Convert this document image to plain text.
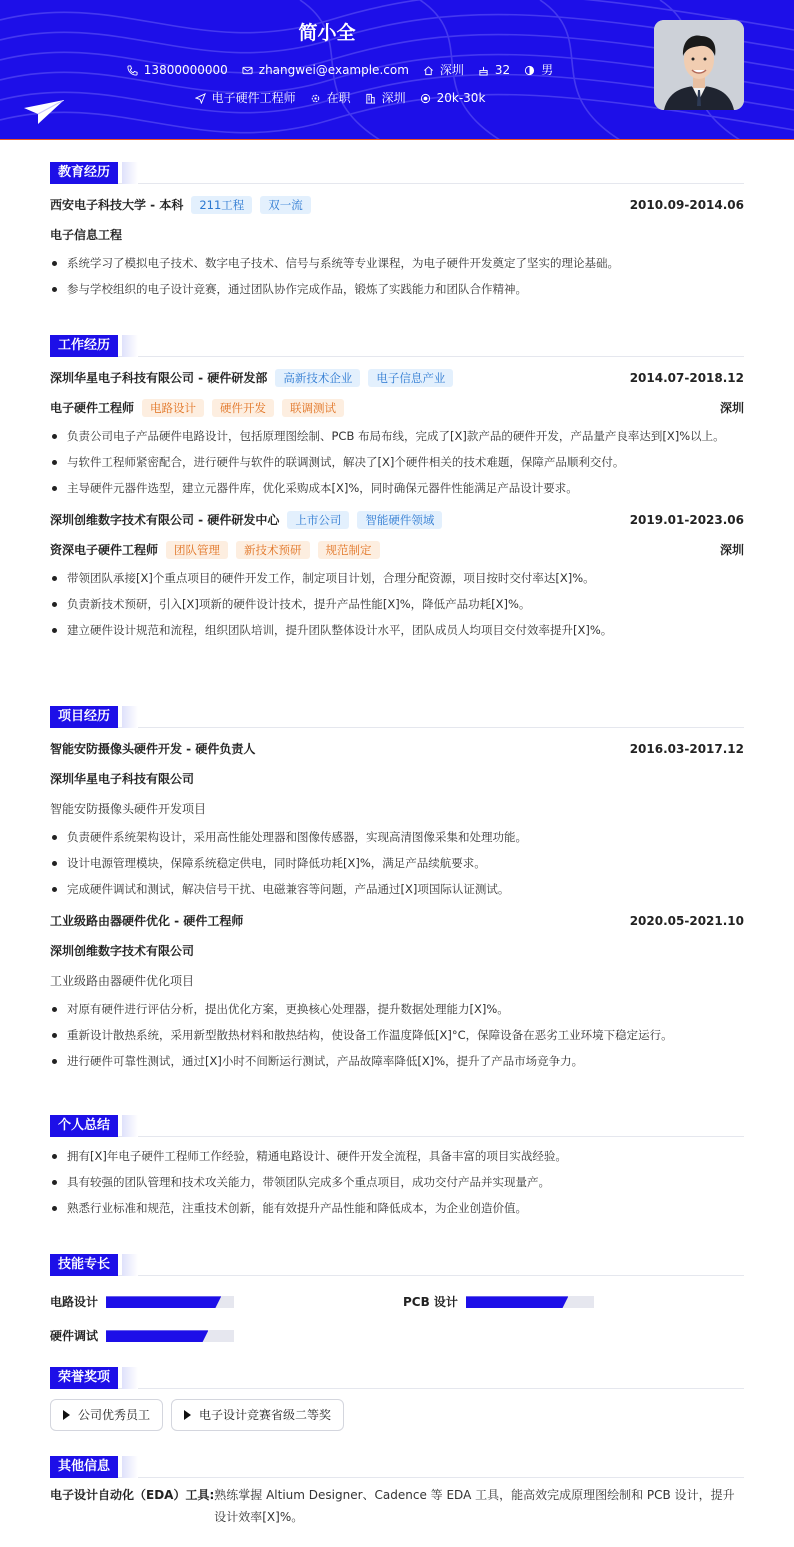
简小全
13800000000	zhangwei@example.com	深圳	32	男
电子硬件工程师	在职	深圳	20k-30k
教育经历
西安电子科技大学 - 本科	211工程	双一流	2010.09-2014.06
电子信息工程
系统学习了模拟电子技术、数字电子技术、信号与系统等专业课程，为电子硬件开发奠定了坚实的理论基础。
参与学校组织的电子设计竞赛，通过团队协作完成作品，锻炼了实践能力和团队合作精神。
工作经历
深圳华星电子科技有限公司 - 硬件研发部	高新技术企业	电子信息产业	2014.07-2018.12
电子硬件工程师	电路设计	硬件开发	联调测试	深圳
负责公司电子产品硬件电路设计，包括原理图绘制、PCB 布局布线，完成了[X]款产品的硬件开发，产品量产良率达到[X]%以上。
与软件工程师紧密配合，进行硬件与软件的联调测试，解决了[X]个硬件相关的技术难题，保障产品顺利交付。
主导硬件元器件选型，建立元器件库，优化采购成本[X]%，同时确保元器件性能满足产品设计要求。
深圳创维数字技术有限公司 - 硬件研发中心	上市公司	智能硬件领域	2019.01-2023.06
资深电子硬件工程师	团队管理	新技术预研	规范制定	深圳
带领团队承接[X]个重点项目的硬件开发工作，制定项目计划，合理分配资源，项目按时交付率达[X]%。
负责新技术预研，引入[X]项新的硬件设计技术，提升产品性能[X]%，降低产品功耗[X]%。
建立硬件设计规范和流程，组织团队培训，提升团队整体设计水平，团队成员人均项目交付效率提升[X]%。
项目经历
智能安防摄像头硬件开发 - 硬件负责人	2016.03-2017.12
深圳华星电子科技有限公司
智能安防摄像头硬件开发项目
负责硬件系统架构设计，采用高性能处理器和图像传感器，实现高清图像采集和处理功能。
设计电源管理模块，保障系统稳定供电，同时降低功耗[X]%，满足产品续航要求。
完成硬件调试和测试，解决信号干扰、电磁兼容等问题，产品通过[X]项国际认证测试。
工业级路由器硬件优化 - 硬件工程师	2020.05-2021.10
深圳创维数字技术有限公司
工业级路由器硬件优化项目
对原有硬件进行评估分析，提出优化方案，更换核心处理器，提升数据处理能力[X]%。
重新设计散热系统，采用新型散热材料和散热结构，使设备工作温度降低[X]°C，保障设备在恶劣工业环境下稳定运行。
进行硬件可靠性测试，通过[X]小时不间断运行测试，产品故障率降低[X]%，提升了产品市场竞争力。
个人总结
拥有[X]年电子硬件工程师工作经验，精通电路设计、硬件开发全流程，具备丰富的项目实战经验。
具有较强的团队管理和技术攻关能力，带领团队完成多个重点项目，成功交付产品并实现量产。
熟悉行业标准和规范，注重技术创新，能有效提升产品性能和降低成本，为企业创造价值。
技能专长
电路设计	PCB 设计
硬件调试
荣誉奖项
公司优秀员工	电子设计竞赛省级二等奖
其他信息
电子设计自动化（EDA）工具: 熟练掌握 Altium Designer、Cadence 等 EDA 工具，能高效完成原理图绘制和 PCB 设计，提升设计效率[X]%。
